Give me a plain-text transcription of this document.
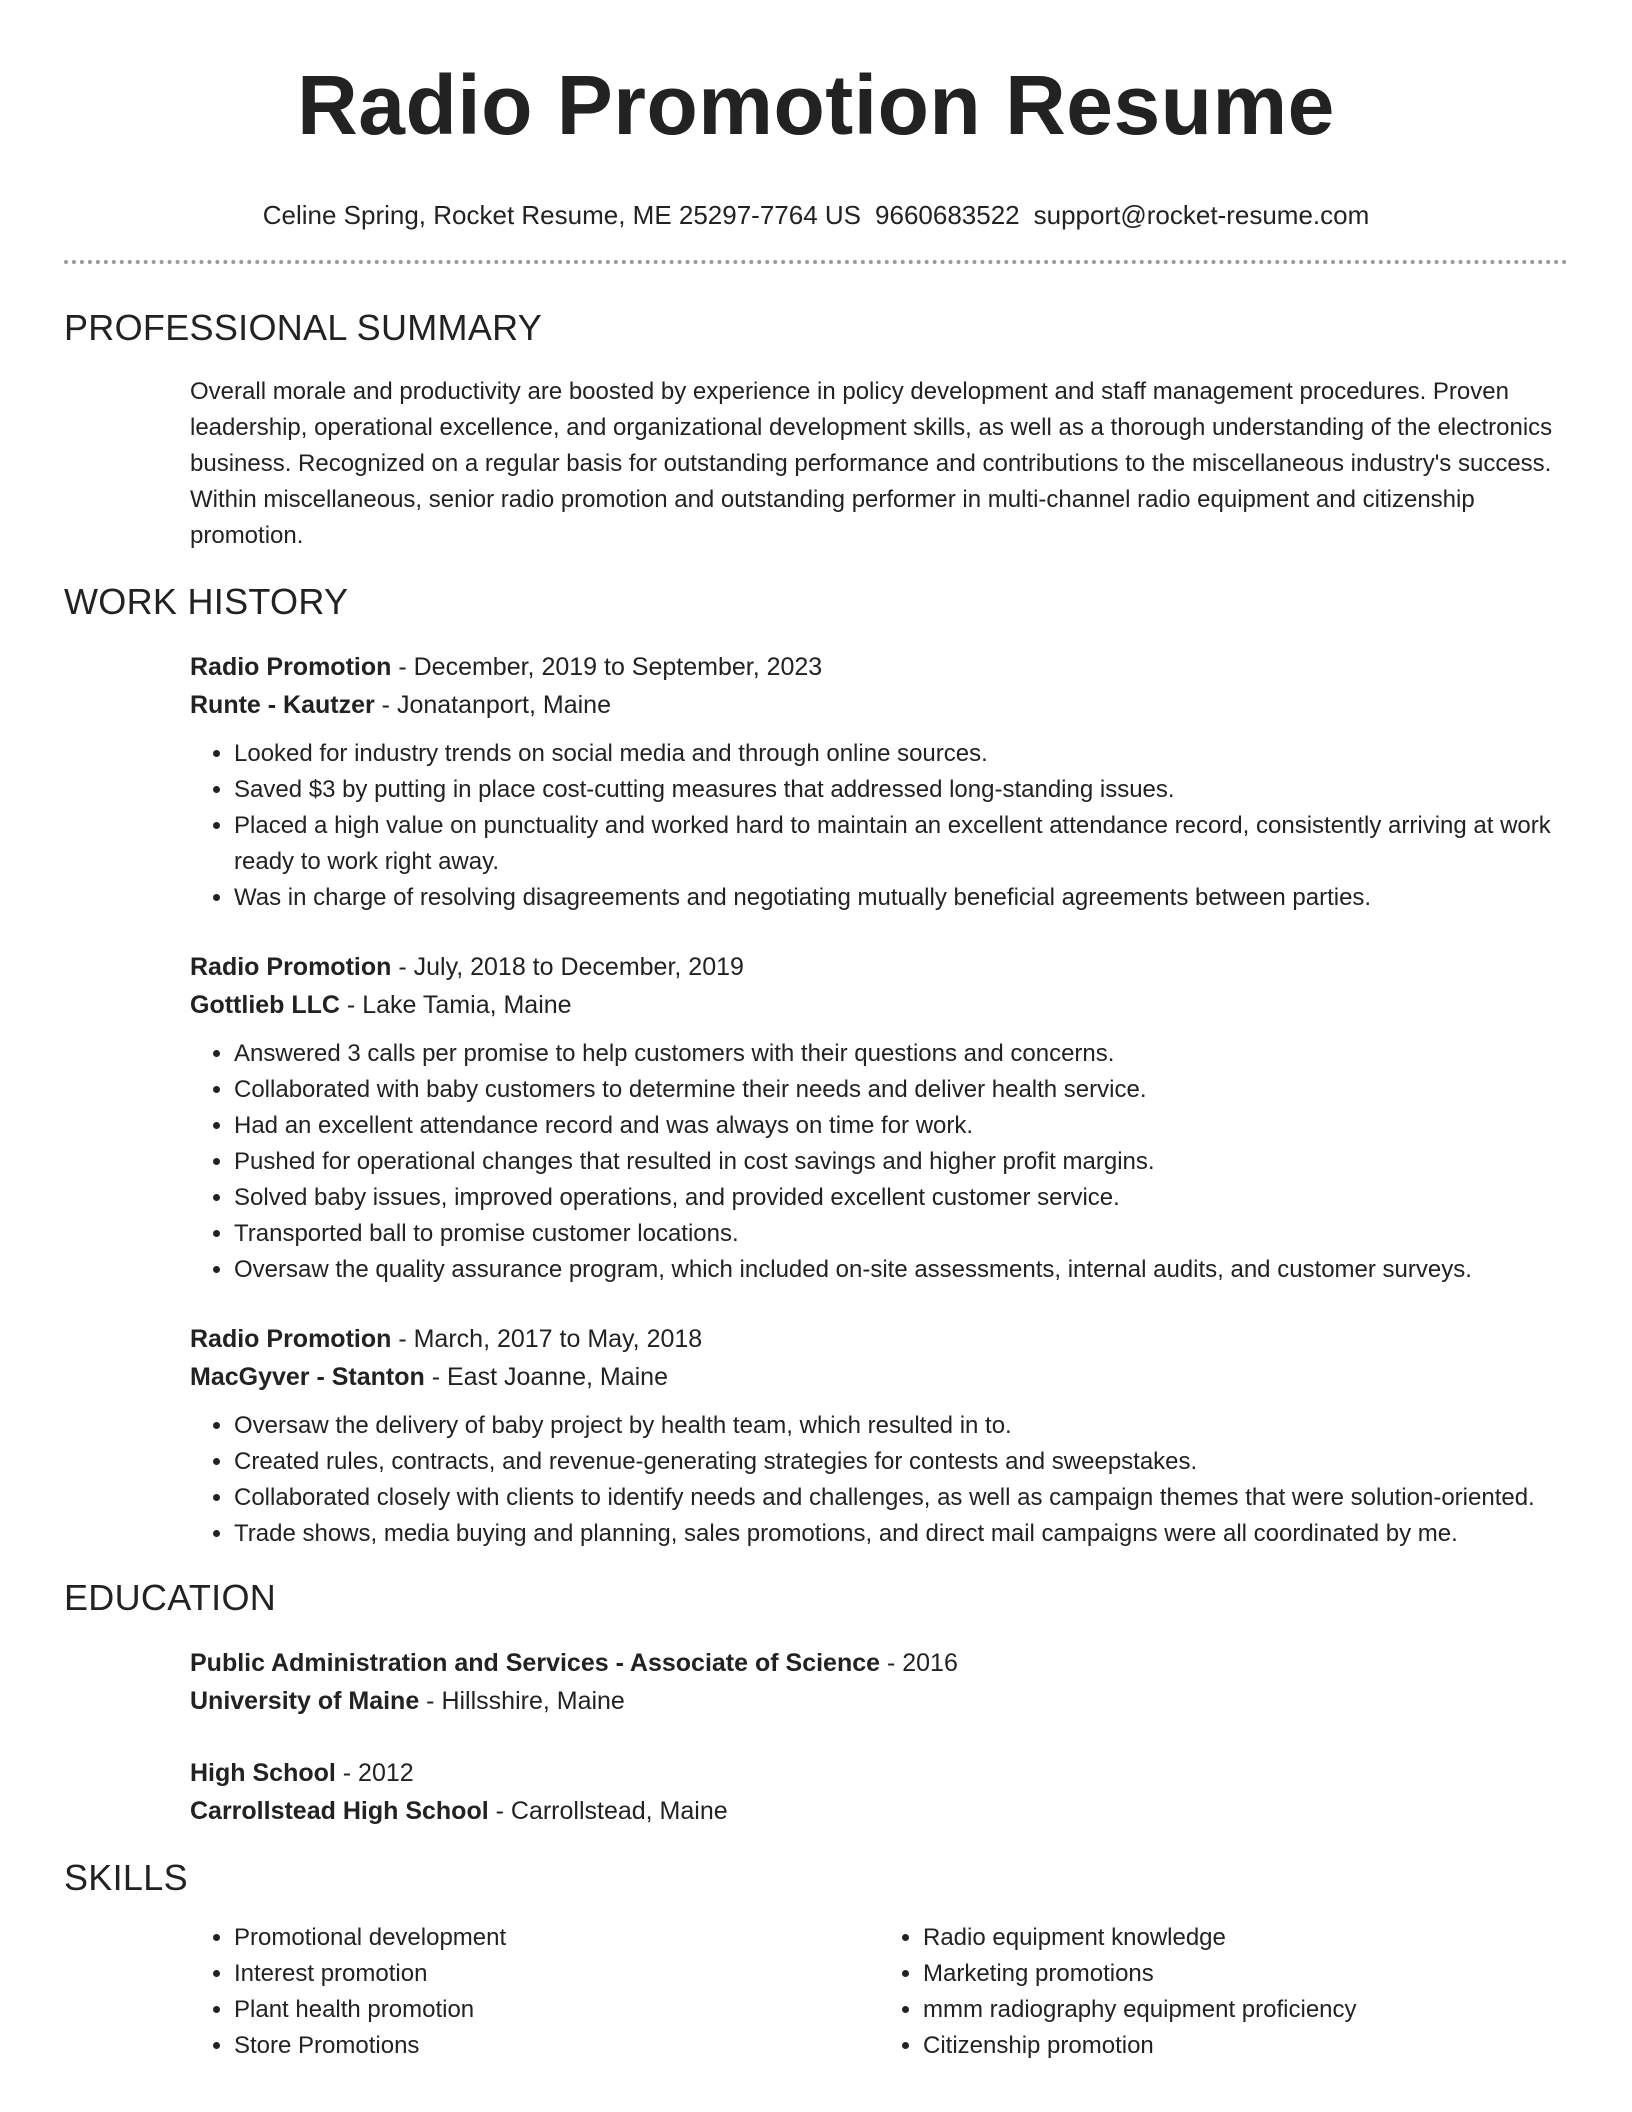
Radio Promotion Resume
Celine Spring, Rocket Resume, ME 25297-7764 US 9660683522 support@rocket-resume.com
PROFESSIONAL SUMMARY
Overall morale and productivity are boosted by experience in policy development and staff management procedures. Proven leadership, operational excellence, and organizational development skills, as well as a thorough understanding of the electronics business. Recognized on a regular basis for outstanding performance and contributions to the miscellaneous industry's success. Within miscellaneous, senior radio promotion and outstanding performer in multi-channel radio equipment and citizenship promotion.
WORK HISTORY
Radio Promotion - December, 2019 to September, 2023
Runte - Kautzer - Jonatanport, Maine
• Looked for industry trends on social media and through online sources.
• Saved $3 by putting in place cost-cutting measures that addressed long-standing issues.
• Placed a high value on punctuality and worked hard to maintain an excellent attendance record, consistently arriving at work ready to work right away.
• Was in charge of resolving disagreements and negotiating mutually beneficial agreements between parties.
Radio Promotion - July, 2018 to December, 2019
Gottlieb LLC - Lake Tamia, Maine
• Answered 3 calls per promise to help customers with their questions and concerns.
• Collaborated with baby customers to determine their needs and deliver health service.
• Had an excellent attendance record and was always on time for work.
• Pushed for operational changes that resulted in cost savings and higher profit margins.
• Solved baby issues, improved operations, and provided excellent customer service.
• Transported ball to promise customer locations.
• Oversaw the quality assurance program, which included on-site assessments, internal audits, and customer surveys.
Radio Promotion - March, 2017 to May, 2018
MacGyver - Stanton - East Joanne, Maine
• Oversaw the delivery of baby project by health team, which resulted in to.
• Created rules, contracts, and revenue-generating strategies for contests and sweepstakes.
• Collaborated closely with clients to identify needs and challenges, as well as campaign themes that were solution-oriented.
• Trade shows, media buying and planning, sales promotions, and direct mail campaigns were all coordinated by me.
EDUCATION
Public Administration and Services - Associate of Science - 2016
University of Maine - Hillsshire, Maine
High School - 2012
Carrollstead High School - Carrollstead, Maine
SKILLS
• Promotional development
• Interest promotion
• Plant health promotion
• Store Promotions
• Radio equipment knowledge
• Marketing promotions
• mmm radiography equipment proficiency
• Citizenship promotion
